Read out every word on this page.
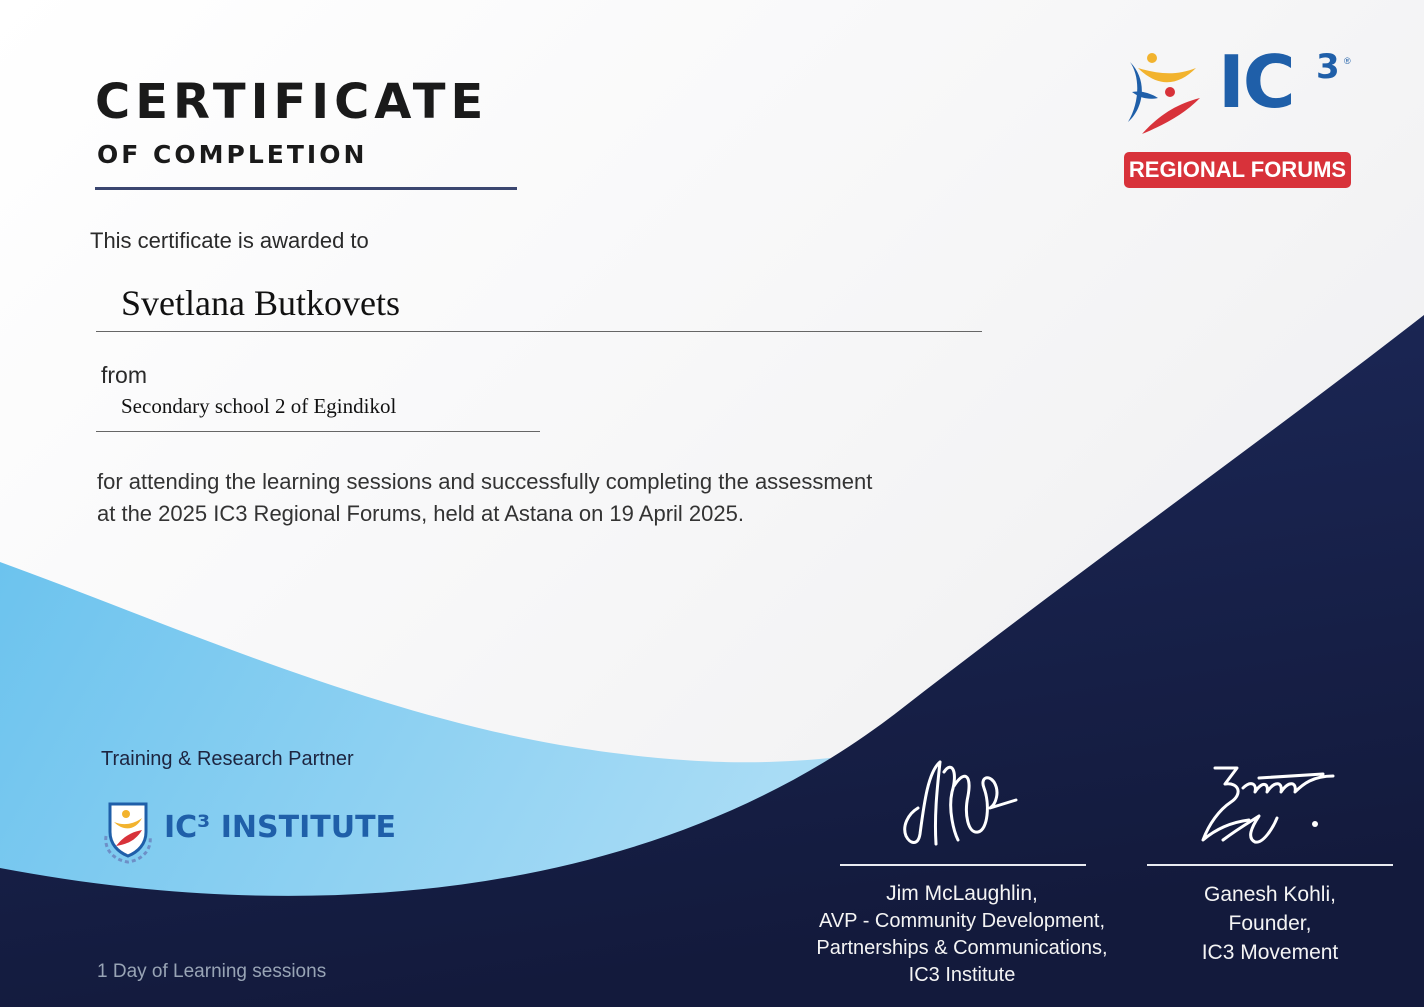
CERTIFICATE
OF COMPLETION
This certificate is awarded to
Svetlana Butkovets
from
Secondary school 2 of Egindikol
for attending the learning sessions and successfully completing the assessment
at the 2025 IC3 Regional Forums, held at Astana on 19 April 2025.
IC 3 ®
REGIONAL FORUMS
Training & Research Partner
IC³ INSTITUTE
1 Day of Learning sessions
Jim McLaughlin,
AVP - Community Development,
Partnerships & Communications,
IC3 Institute
Ganesh Kohli,
Founder,
IC3 Movement
